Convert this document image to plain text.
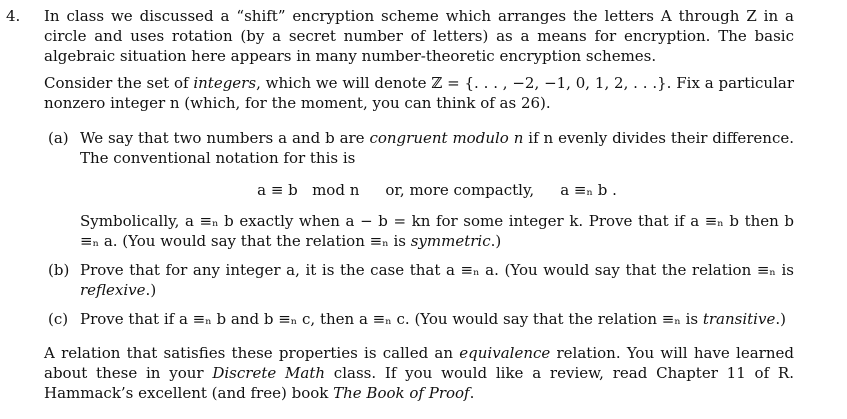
4. In class we discussed a “shift” encryption scheme which arranges the letters A through Z in a circle and uses rotation (by a secret number of letters) as a means for encryption. The basic algebraic situation here appears in many number-theoretic encryption schemes.

Consider the set of integers, which we will denote ℤ = {. . . , −2, −1, 0, 1, 2, . . .}. Fix a particular nonzero integer n (which, for the moment, you can think of as 26).

(a) We say that two numbers a and b are congruent modulo n if n evenly divides their difference. The conventional notation for this is

a ≡ b   mod n or, more compactly, a ≡ₙ b .

Symbolically, a ≡ₙ b exactly when a − b = kn for some integer k. Prove that if a ≡ₙ b then b ≡ₙ a. (You would say that the relation ≡ₙ is symmetric.)

(b) Prove that for any integer a, it is the case that a ≡ₙ a. (You would say that the relation ≡ₙ is reflexive.)

(c) Prove that if a ≡ₙ b and b ≡ₙ c, then a ≡ₙ c. (You would say that the relation ≡ₙ is transitive.)

A relation that satisfies these properties is called an equivalence relation. You will have learned about these in your Discrete Math class. If you would like a review, read Chapter 11 of R. Hammack’s excellent (and free) book The Book of Proof.
